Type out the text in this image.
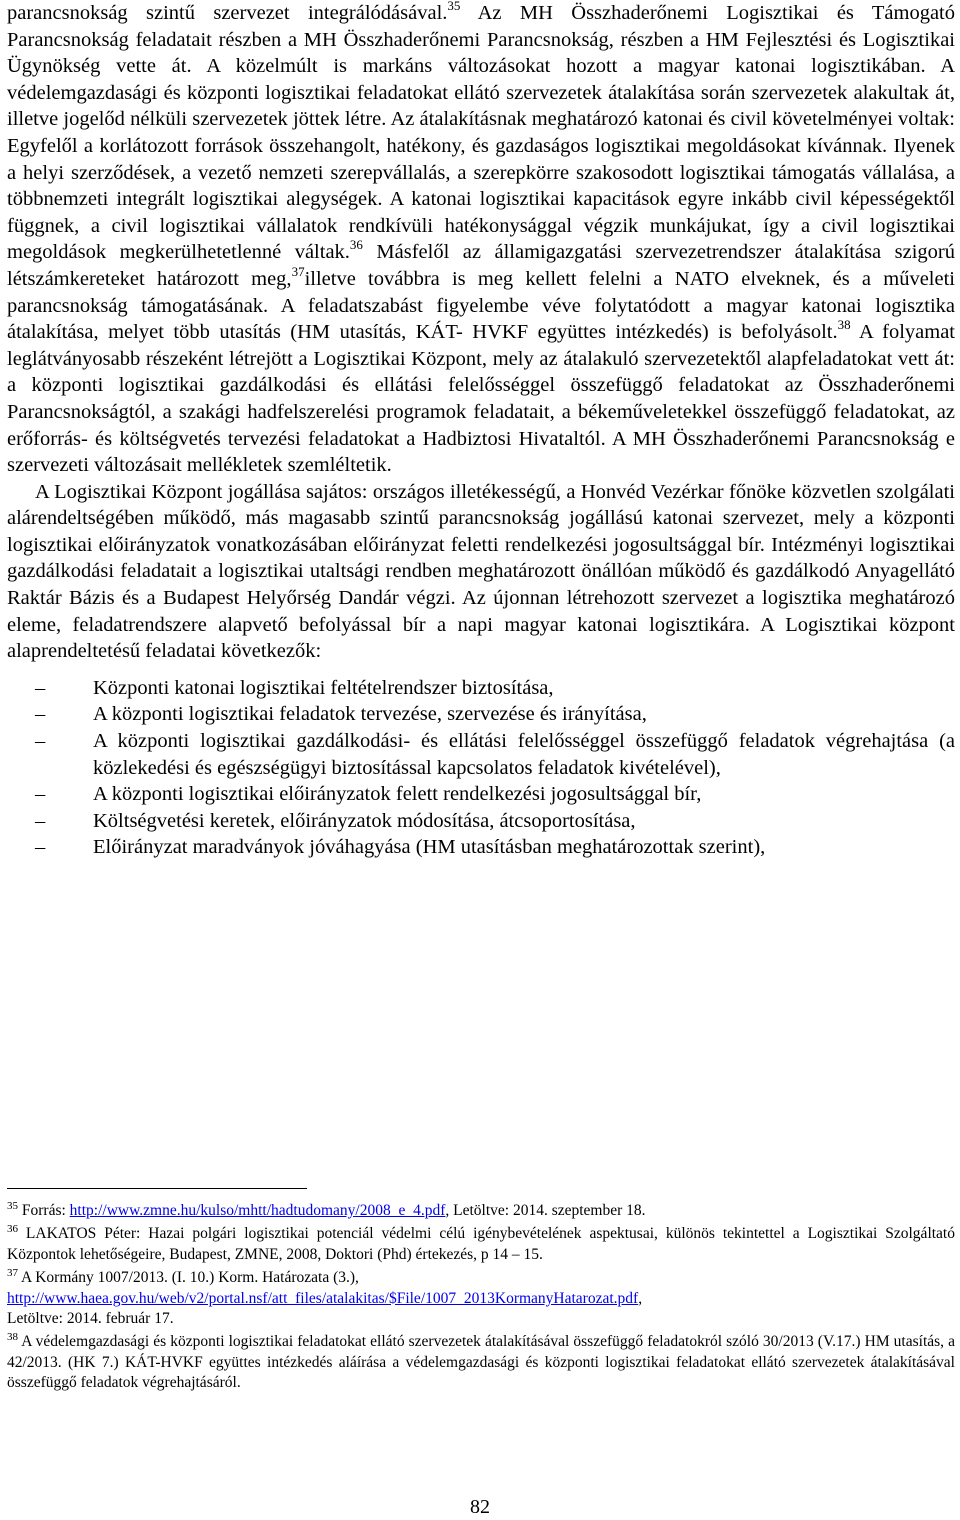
parancsnokság szintű szervezet integrálódásával.$^{35}$ Az MH Összhaderőnemi Logisztikai és Támogató Parancsnokság feladatait részben a MH Összhaderőnemi Parancsnokság, részben a HM Fejlesztési és Logisztikai Ügynökség vette át. A közelmúlt is markáns változásokat hozott a magyar katonai logisztikában. A védelemgazdasági és központi logisztikai feladatokat ellátó szervezetek átalakítása során szervezetek alakultak át, illetve jogelőd nélküli szervezetek jöttek létre. Az átalakításnak meghatározó katonai és civil követelményei voltak: Egyfelől a korlátozott források összehangolt, hatékony, és gazdaságos logisztikai megoldásokat kívánnak. Ilyenek a helyi szerződések, a vezető nemzeti szerepvállalás, a szerepkörre szakosodott logisztikai támogatás vállalása, a többnemzeti integrált logisztikai alegységek. A katonai logisztikai kapacitások egyre inkább civil képességektől függnek, a civil logisztikai vállalatok rendkívüli hatékonysággal végzik munkájukat, így a civil logisztikai megoldások megkerülhetetlenné váltak.$^{36}$ Másfelől az államigazgatási szervezetrendszer átalakítása szigorú létszámkereteket határozott meg,$^{37}$illetve továbbra is meg kellett felelni a NATO elveknek, és a műveleti parancsnokság támogatásának. A feladatszabást figyelembe véve folytatódott a magyar katonai logisztika átalakítása, melyet több utasítás (HM utasítás, KÁT- HVKF együttes intézkedés) is befolyásolt.$^{38}$ A folyamat leglátványosabb részeként létrejött a Logisztikai Központ, mely az átalakuló szervezetektől alapfeladatokat vett át: a központi logisztikai gazdálkodási és ellátási felelősséggel összefüggő feladatokat az Összhaderőnemi Parancsnokságtól, a szakági hadfelszerelési programok feladatait, a békeműveletekkel összefüggő feladatokat, az erőforrás- és költségvetés tervezési feladatokat a Hadbiztosi Hivataltól. A MH Összhaderőnemi Parancsnokság e szervezeti változásait mellékletek szemléltetik.

A Logisztikai Központ jogállása sajátos: országos illetékességű, a Honvéd Vezérkar főnöke közvetlen szolgálati alárendeltségében működő, más magasabb szintű parancsnokság jogállású katonai szervezet, mely a központi logisztikai előirányzatok vonatkozásában előirányzat feletti rendelkezési jogosultsággal bír. Intézményi logisztikai gazdálkodási feladatait a logisztikai utaltsági rendben meghatározott önállóan működő és gazdálkodó Anyagellátó Raktár Bázis és a Budapest Helyőrség Dandár végzi. Az újonnan létrehozott szervezet a logisztika meghatározó eleme, feladatrendszere alapvető befolyással bír a napi magyar katonai logisztikára. A Logisztikai központ alaprendeltetésű feladatai következők:

– Központi katonai logisztikai feltételrendszer biztosítása,
– A központi logisztikai feladatok tervezése, szervezése és irányítása,
– A központi logisztikai gazdálkodási- és ellátási felelősséggel összefüggő feladatok végrehajtása (a közlekedési és egészségügyi biztosítással kapcsolatos feladatok kivételével),
– A központi logisztikai előirányzatok felett rendelkezési jogosultsággal bír,
– Költségvetési keretek, előirányzatok módosítása, átcsoportosítása,
– Előirányzat maradványok jóváhagyása (HM utasításban meghatározottak szerint),

$^{35}$ Forrás: http://www.zmne.hu/kulso/mhtt/hadtudomany/2008_e_4.pdf, Letöltve: 2014. szeptember 18.

$^{36}$ LAKATOS Péter: Hazai polgári logisztikai potenciál védelmi célú igénybevételének aspektusai, különös tekintettel a Logisztikai Szolgáltató Központok lehetőségeire, Budapest, ZMNE, 2008, Doktori (Phd) értekezés, p 14 – 15.

$^{37}$ A Kormány 1007/2013. (I. 10.) Korm. Határozata (3.),
http://www.haea.gov.hu/web/v2/portal.nsf/att_files/atalakitas/$File/1007_2013KormanyHatarozat.pdf,
Letöltve: 2014. február 17.

$^{38}$ A védelemgazdasági és központi logisztikai feladatokat ellátó szervezetek átalakításával összefüggő feladatokról szóló 30/2013 (V.17.) HM utasítás, a 42/2013. (HK 7.) KÁT-HVKF együttes intézkedés aláírása a védelemgazdasági és központi logisztikai feladatokat ellátó szervezetek átalakításával összefüggő feladatok végrehajtásáról.

82
